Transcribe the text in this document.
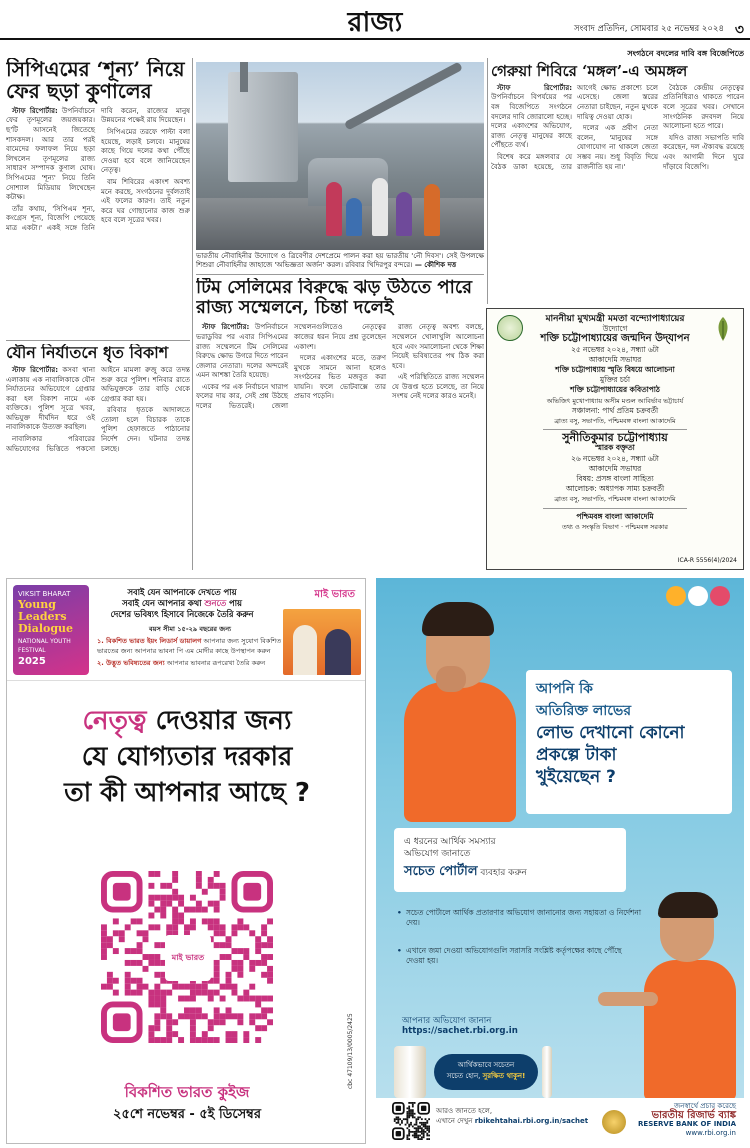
রাজ্য	সংবাদ প্রতিদিন, সোমবার ২৫ নভেম্বর ২০২৪ ৩
সিপিএমের ‘শূন্য’ নিয়ে
ফের ছড়া কুণালের

স্টাফ রিপোর্টার: উপনির্বাচনে ফের তৃণমূলের জয়জয়কার। ছ'টি আসনেই জিতেছে শাসকদল। আর তার পরই বামেদের ফলাফল নিয়ে ছড়া লিখলেন তৃণমূলের রাজ্য সাধারণ সম্পাদক কুণাল ঘোষ। সিপিএমের 'শূন্য' নিয়ে তিনি সোশ্যাল মিডিয়ায় লিখেছেন কটাক্ষ।

তাঁর কথায়, 'সিপিএম শূন্য, কংগ্রেস শূন্য, বিজেপি পেয়েছে মাত্র একটা।' একই সঙ্গে তিনি দাবি করেন, রাজ্যের মানুষ উন্নয়নের পক্ষেই রায় দিয়েছেন।

সিপিএমের তরফে পাল্টা বলা হয়েছে, লড়াই চলবে। মানুষের কাছে গিয়ে দলের কথা পৌঁছে দেওয়া হবে বলে জানিয়েছেন নেতৃত্ব।

বাম শিবিরের একাংশ অবশ্য মনে করছে, সংগঠনের দুর্বলতাই এই ফলের কারণ। তাই নতুন করে ঘর গোছানোর কাজ শুরু হবে বলে সূত্রের খবর।

যৌন নির্যাতনে ধৃত বিকাশ

স্টাফ রিপোর্টার: কসবা থানা এলাকায় এক নাবালিকাকে যৌন নির্যাতনের অভিযোগে গ্রেপ্তার করা হল বিকাশ নামে এক ব্যক্তিকে। পুলিশ সূত্রে খবর, অভিযুক্ত দীর্ঘদিন ধরে ওই নাবালিকাকে উত্যক্ত করছিল।

নাবালিকার পরিবারের অভিযোগের ভিত্তিতে পকসো আইনে মামলা রুজু করে তদন্ত শুরু করে পুলিশ। শনিবার রাতে অভিযুক্তকে তার বাড়ি থেকে গ্রেপ্তার করা হয়।

রবিবার ধৃতকে আদালতে তোলা হলে বিচারক তাকে পুলিশ হেফাজতে পাঠানোর নির্দেশ দেন। ঘটনার তদন্ত চলছে।

ভারতীয় নৌবাহিনীর উদ্যোগে ও ত্রিবেণীর দেশপ্রেমে পালন করা হয় ভারতীয় 'নৌ দিবস'। সেই উপলক্ষে শিশুরা নৌবাহিনীর জাহাজে 'অভিজ্ঞতা অর্জন' করল। রবিবার খিদিরপুর বন্দরে। — কৌশিক দত্ত
টিম সেলিমের বিরুদ্ধে ঝড় উঠতে পারে রাজ্য সম্মেলনে, চিন্তা দলেই

স্টাফ রিপোর্টার: উপনির্বাচনে ভরাডুবির পর এবার সিপিএমের রাজ্য সম্মেলনে টিম সেলিমের বিরুদ্ধে ক্ষোভ উগরে দিতে পারেন জেলার নেতারা। দলের অন্দরেই এমন আশঙ্কা তৈরি হয়েছে।

একের পর এক নির্বাচনে খারাপ ফলের দায় কার, সেই প্রশ্ন উঠছে দলের ভিতরেই। জেলা সম্মেলনগুলিতেও নেতৃত্বের কাজের ধরন নিয়ে প্রশ্ন তুলেছেন একাংশ।

দলের একাংশের মতে, তরুণ মুখকে সামনে আনা হলেও সংগঠনের ভিত মজবুত করা যায়নি। ফলে ভোটবাক্সে তার প্রভাব পড়েনি।

রাজ্য নেতৃত্ব অবশ্য বলছে, সম্মেলনে খোলাখুলি আলোচনা হবে এবং সমালোচনা থেকে শিক্ষা নিয়েই ভবিষ্যতের পথ ঠিক করা হবে।

এই পরিস্থিতিতে রাজ্য সম্মেলন যে উত্তপ্ত হতে চলেছে, তা নিয়ে সংশয় নেই দলের কারও মনেই।

সংগঠনে বদলের দাবি বঙ্গ বিজেপিতে
গেরুয়া শিবিরে ‘মঙ্গল’-এ অমঙ্গল

স্টাফ রিপোর্টার: উপনির্বাচনে বিপর্যয়ের পর বঙ্গ বিজেপিতে সংগঠনে বদলের দাবি জোরালো হচ্ছে। দলের একাংশের অভিযোগ, রাজ্য নেতৃত্ব মানুষের কাছে পৌঁছতে ব্যর্থ।

বিশেষ করে মঙ্গলবার যে বৈঠক ডাকা হয়েছে, তার আগেই ক্ষোভ প্রকাশ্যে চলে এসেছে। জেলা স্তরের নেতারা চাইছেন, নতুন মুখকে দায়িত্ব দেওয়া হোক।

দলের এক প্রবীণ নেতা বলেন, 'মানুষের সঙ্গে যোগাযোগ না থাকলে জেতা সম্ভব নয়। শুধু বিবৃতি দিয়ে রাজনীতি হয় না।'

বৈঠকে কেন্দ্রীয় নেতৃত্বের প্রতিনিধিরাও থাকতে পারেন বলে সূত্রের খবর। সেখানে সাংগঠনিক রদবদল নিয়ে আলোচনা হতে পারে।

যদিও রাজ্য সভাপতি দাবি করেছেন, দল ঐক্যবদ্ধ রয়েছে এবং আগামী দিনে ঘুরে দাঁড়াবে বিজেপি।

মাননীয়া মুখ্যমন্ত্রী মমতা বন্দ্যোপাধ্যায়ের
উদ্যোগে
শক্তি চট্টোপাধ্যায়ের জন্মদিন উদ্‌যাপন
২৫ নভেম্বর ২০২৪, সন্ধ্যা ৬টা
আকাদেমি সভাঘর
শক্তি চট্টোপাধ্যায় স্মৃতি বিষয়ে আলোচনা
মুক্তির চর্চা
শক্তি চট্টোপাধ্যায়ের কবিতাপাঠ
অভিজিৎ মুখোপাধ্যায় অসীম মণ্ডল আবির্ভাব ভট্টাচার্য
সঞ্চালনা: পার্থ প্রতিম চক্রবর্তী
ব্রাত্য বসু, সভাপতি, পশ্চিমবঙ্গ বাংলা আকাদেমি
সুনীতিকুমার চট্টোপাধ্যায়
স্মারক বক্তৃতা
২৬ নভেম্বর ২০২৪, সন্ধ্যা ৬টা
আকাদেমি সভাঘর
বিষয়: প্রসঙ্গ বাংলা সাহিত্য
আলোচক: অধ্যাপক সাম্য চক্রবর্তী
ব্রাত্য বসু, সভাপতি, পশ্চিমবঙ্গ বাংলা আকাদেমি
পশ্চিমবঙ্গ বাংলা আকাদেমি
তথ্য ও সংস্কৃতি বিভাগ · পশ্চিমবঙ্গ সরকার
ICA-R 5556(4)/2024
VIKSIT BHARAT
Young Leaders Dialogue
NATIONAL YOUTH FESTIVAL
2025
সবাই যেন আপনাকে দেখতে পায়
সবাই যেন আপনার কথা শুনতে পায়
দেশের ভবিষ্যৎ হিসাবে নিজেকে তৈরি করুন
বয়স সীমা ১৫-২৯ বছরের জন্য
১. বিকশিত ভারত ইয়ং লিডার্স ডায়ালগ আপনার জন্য সুযোগ বিকশিত
ভারতের জন্য আপনার ভাবনা পি এম মোদীর কাছে উপস্থাপন করুন
২. উদ্ভূত ভবিষ্যতের জন্য আপনার ভাবনার রূপরেখা তৈরি করুন
মাই ভারত
নেতৃত্ব দেওয়ার জন্য
যে যোগ্যতার দরকার
তা কী আপনার আছে ?
মাই ভারত
বিকশিত ভারত কুইজ
২৫শে নভেম্বর - ৫ই ডিসেম্বর
cbc 47109/13/0005/2425
আপনি কি
অতিরিক্ত লাভের
লোভ দেখানো কোনো
প্রকল্পে টাকা
খুইয়েছেন ?
এ ধরনের আর্থিক সমস্যার
অভিযোগ জানাতে
সচেত পোর্টাল ব্যবহার করুন
• সচেত পোর্টালে আর্থিক প্রতারণার অভিযোগ জানানোর জন্য সহায়তা ও নির্দেশনা দেয়।
• এখানে জমা দেওয়া অভিযোগগুলি সরাসরি সংশ্লিষ্ট কর্তৃপক্ষের কাছে পৌঁছে দেওয়া হয়।
আপনার অভিযোগ জানান
https://sachet.rbi.org.in
আর্থিকভাবে সচেতন
সচেত হোন, সুরক্ষিত থাকুন!
আরও জানতে হলে,
এখানে দেখুন rbikehtahai.rbi.org.in/sachet
জনস্বার্থে প্রচার করেছে
ভারতীয় রিজার্ভ ব্যাঙ্ক
RESERVE BANK OF INDIA
www.rbi.org.in
